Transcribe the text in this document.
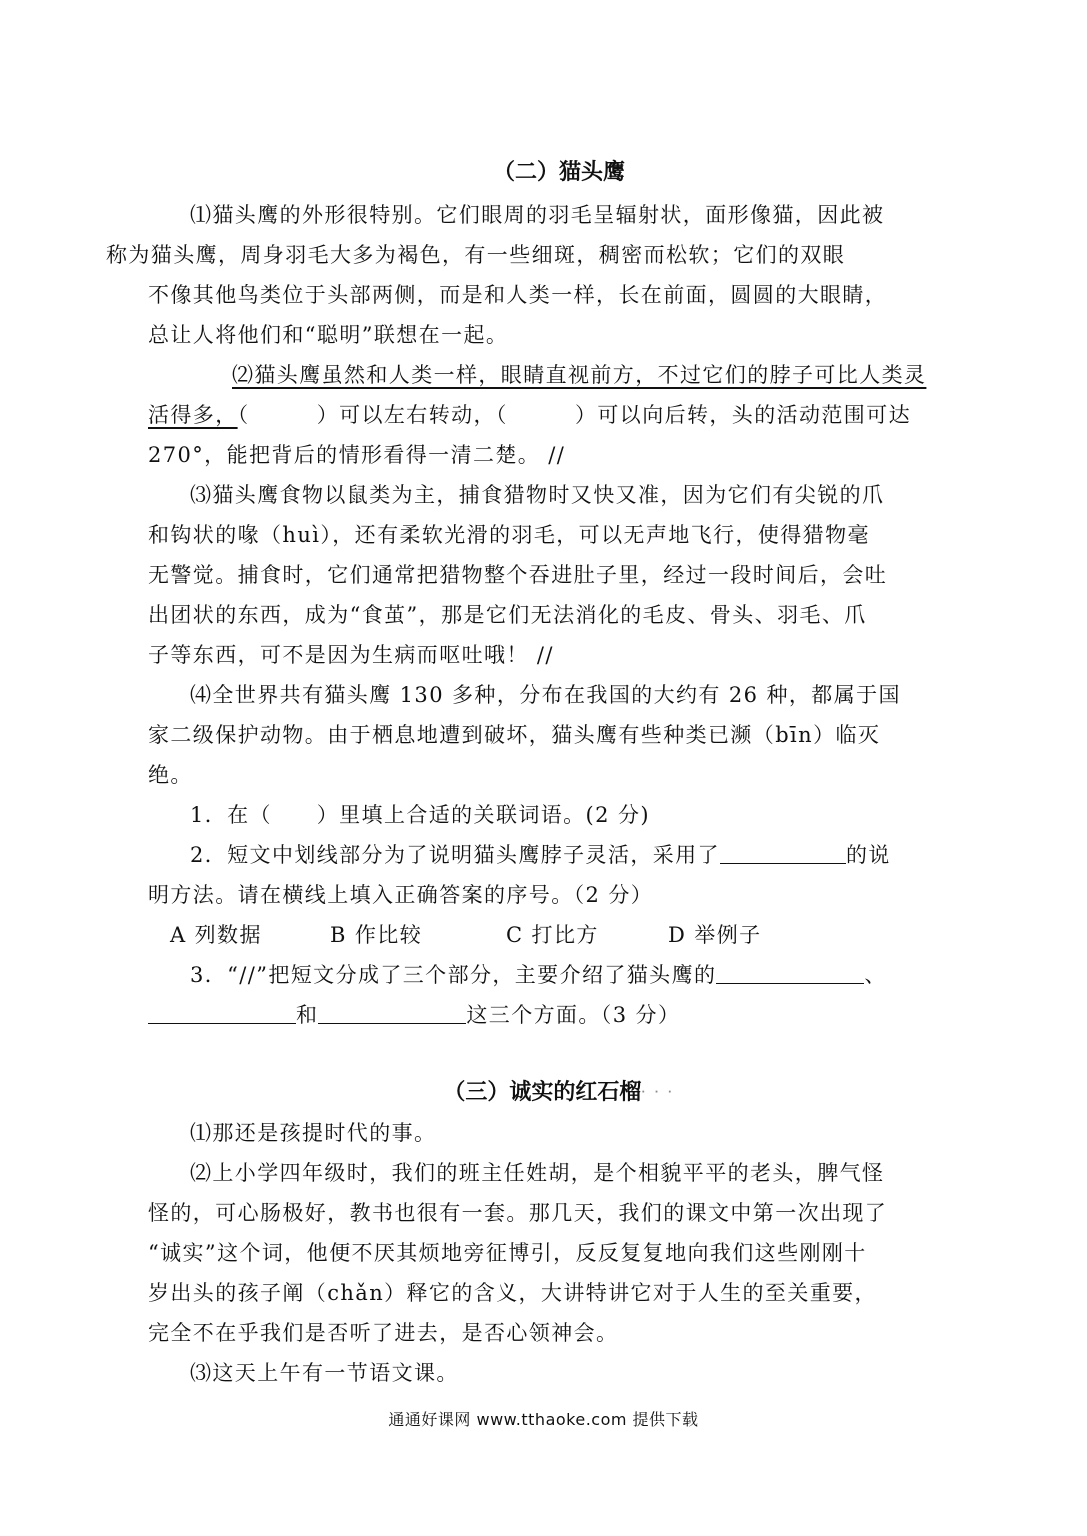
（二）猫头鹰
⑴猫头鹰的外形很特别。它们眼周的羽毛呈辐射状，面形像猫，因此被
称为猫头鹰，周身羽毛大多为褐色，有一些细斑，稠密而松软；它们的双眼
不像其他鸟类位于头部两侧，而是和人类一样，长在前面，圆圆的大眼睛，
总让人将他们和“聪明”联想在一起。
⑵猫头鹰虽然和人类一样，眼睛直视前方，不过它们的脖子可比人类灵
活得多，（　　　）可以左右转动，（　　　）可以向后转，头的活动范围可达
270°，能把背后的情形看得一清二楚。 //
⑶猫头鹰食物以鼠类为主，捕食猎物时又快又准，因为它们有尖锐的爪
和钩状的喙（huì），还有柔软光滑的羽毛，可以无声地飞行，使得猎物毫
无警觉。捕食时，它们通常把猎物整个吞进肚子里，经过一段时间后，会吐
出团状的东西，成为“食茧”，那是它们无法消化的毛皮、骨头、羽毛、爪
子等东西，可不是因为生病而呕吐哦！ //
⑷全世界共有猫头鹰 130 多种，分布在我国的大约有 26 种，都属于国
家二级保护动物。由于栖息地遭到破坏，猫头鹰有些种类已濒（bīn）临灭
绝。
1．在（　　）里填上合适的关联词语。(2 分)
2．短文中划线部分为了说明猫头鹰脖子灵活，采用了	的说
明方法。请在横线上填入正确答案的序号。（2 分）
A 列数据	B 作比较	C 打比方	D 举例子
3．“//”把短文分成了三个部分，主要介绍了猫头鹰的	、
和	这三个方面。（3 分）
（三）诚实的红石榴· · ·
⑴那还是孩提时代的事。
⑵上小学四年级时，我们的班主任姓胡，是个相貌平平的老头，脾气怪
怪的，可心肠极好，教书也很有一套。那几天，我们的课文中第一次出现了
“诚实”这个词，他便不厌其烦地旁征博引，反反复复地向我们这些刚刚十
岁出头的孩子阐（chǎn）释它的含义，大讲特讲它对于人生的至关重要，
完全不在乎我们是否听了进去，是否心领神会。
⑶这天上午有一节语文课。
通通好课网 www.tthaoke.com 提供下载
